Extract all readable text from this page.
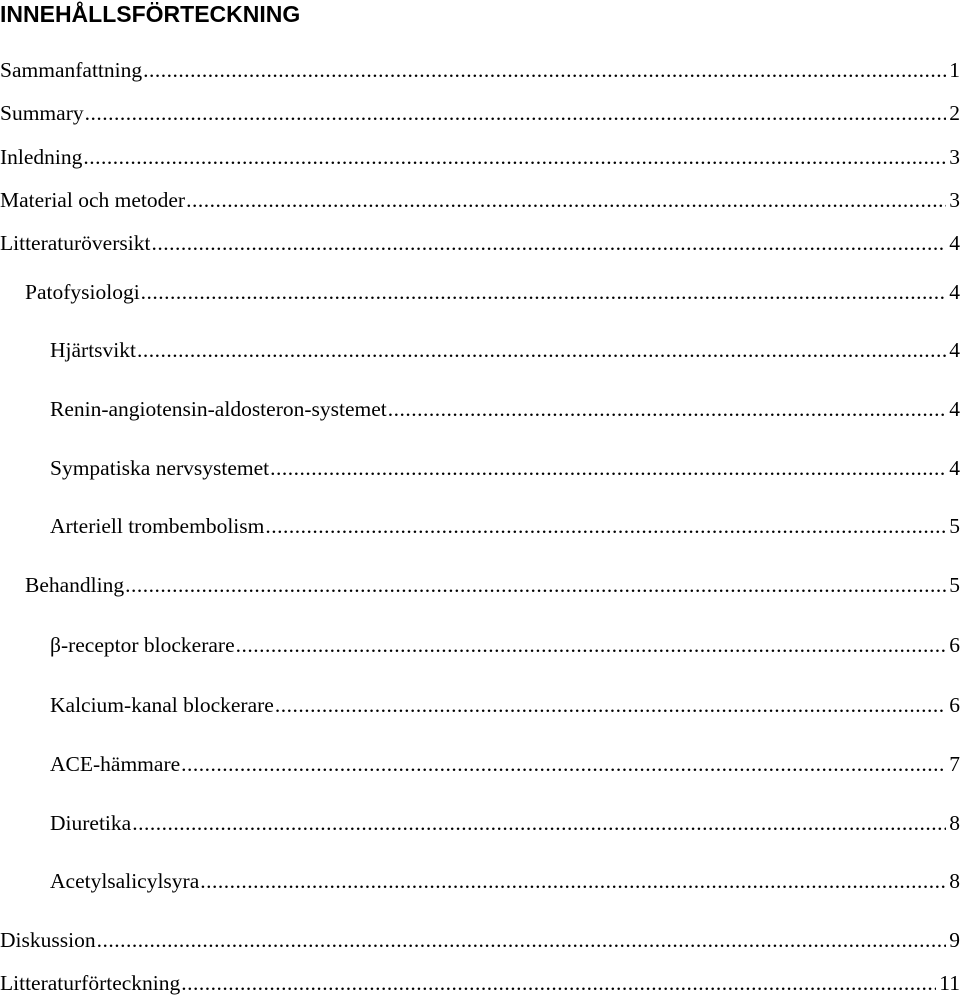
INNEHÅLLSFÖRTECKNING
Sammanfattning .....	1
Summary .....	2
Inledning .....	3
Material och metoder .....	3
Litteraturöversikt .....	4
Patofysiologi .....	4
Hjärtsvikt .....	4
Renin-angiotensin-aldosteron-systemet .....	4
Sympatiska nervsystemet .....	4
Arteriell trombembolism .....	5
Behandling .....	5
β-receptor blockerare .....	6
Kalcium-kanal blockerare .....	6
ACE-hämmare .....	7
Diuretika .....	8
Acetylsalicylsyra .....	8
Diskussion .....	9
Litteraturförteckning .....	11
